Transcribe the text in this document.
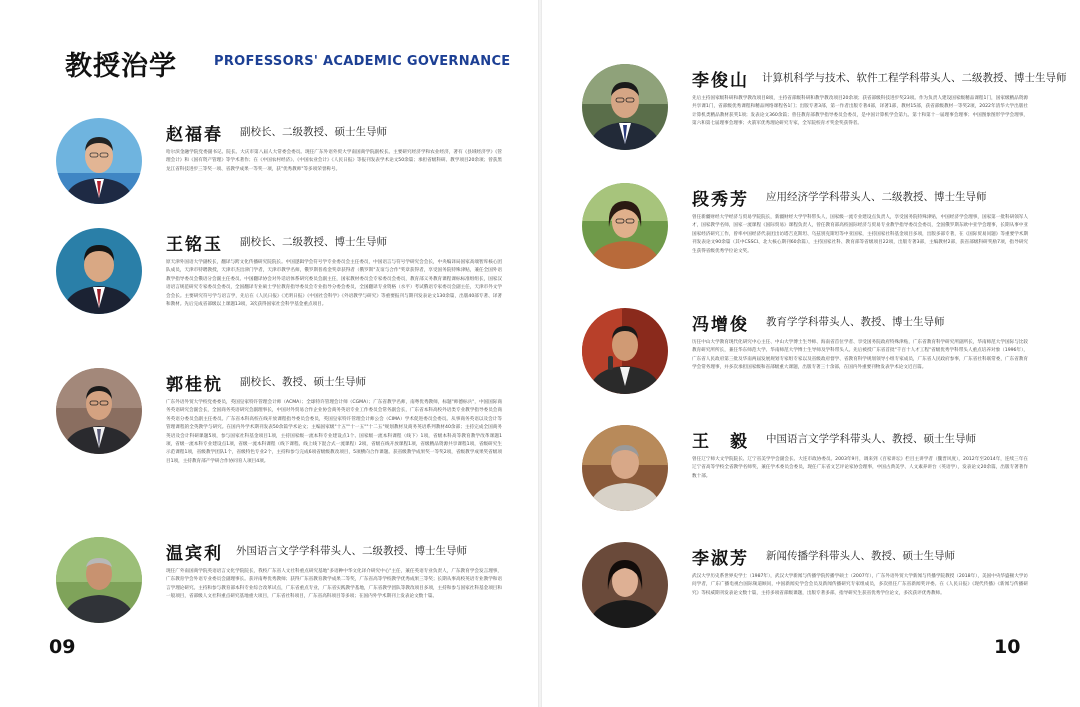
教授治学	PROFESSORS' ACADEMIC GOVERNANCE
赵福春 副校长、二级教授、硕士生导师
哈尔滨金融学院党委副书记、院长。大庆市第八届人大常委会委员。现任广东外语外贸大学南国商学院副校长。主要研究经济学和农业经济，著有《县域经济学》《管理会计》和《国有资产管理》等学术著作；在《中国农村经济》、《中国农业会计》《人民日报》等报刊发表学术论文50余篇；承担省级科研、教学项目20余项；曾获黑龙江省科技进步三等奖一项、省教学成果一等奖一项，获"优秀教师"等多项荣誉称号。
王铭玉 副校长、二级教授、博士生导师
原天津外国语大学副校长，翻译与跨文化传播研究院院长。中国逻辑学会符号学专业委员会主任委员，中国语言与符号学研究会会长，中央编译局国家高端智库核心团队成员，天津市特聘教授，天津市杰出津门学者，天津市教学名师，俄罗斯普希金奖章获得者（俄罗斯"友谊与合作"奖章获得者，享受国务院特殊津贴，兼任全国外语教学指导委员会俄语分会副主任委员、中国翻译协会对外话语体系研究委员会副主任，国家教材委员会专家委员会委员，教育部义务教育课程课标标准组组长，国家汉语语言规范研究专家委员会委员，全国翻译专业硕士学位教育指导委员会专业指导分委会委员，全国翻译专业资格（水平）考试俄语专家委员会副主任，天津市外文学会会长。主要研究符号学与语言学，先后在《人民日报》《光明日报》《中国社会科学》《外语教学与研究》等重要报刊与期刊发表论文130余篇，出版40部专著、译著和教材。先后完成省部级以上课题13项，3次获得国家社会科学基金重点项目。
郭桂杭 副校长、教授、硕士生导师
广东外语外贸大学校党委委员，英国皇家特许管理会计师（ACMA）；全球特许管理会计师（CGMA）；广东省教学名师，南粤优秀教师，标题"师德标兵"，中国国际商务英语研究会副会长，全国商务英语研究会副理事长，中国对外贸易合作企业协会商务英语专业工作委员会常务副会长，广东省本科高校外语类专业教学指导委员会商务英语分委员会副主任委员。广东省本科高校在线开放课程指导委员会委员，英国皇家特许管理会计师公会（CIMA）学术促进委员会委员。从事商务英语以及会计等管理课程的全英教学与研究。在国内外学术期刊发表50余篇学术论文；主编国家级"十五""十一五""十二五"规划教材及商务英语系列教材40余部；主持完成全国商务英语及会计科研课题5项，参与国家社科基金项目1项，主持国家级一流本科专业建设点1个、国家级一流本科课程（线下）1项，省级本科高等教育教学改革课题1项，省级一流本科专业建设点1项，省级一流本科课程（线下课程、线上线下混合式一流课程）2项，省级在线开放课程1项，省级精品资源共享课程1项，省级研究生示范课程1项，省级教学团队1个，省级特色专业2个，主持和参与完成6项省级级教改项目，5项横向合作课题。获省级教学成果奖一等奖2项，省级教学成果奖省级项目1项，主持教育部产学研合作协同育人项目4项。
温宾利 外国语言文学学科带头人、二级教授、博士生导师
现任广外南国商学院英语语言文化学院院长，我校广东省人文社科重点研究基地"多语种中华文化译介研究中心"主任，兼任英语专业负责人，广东教育学会发言理事，广东教育学会外语专业委员会副理事长。获评南粤优秀教师；获得广东省教育教学成果二等奖，广东省高等学校教学优秀成果三等奖；长期从事高校英语专业教学和语言学理论研究。主持和参与教育部本科专业综合改革试点，广东省重点专业，广东省实践教学基地，广东省教学团队等教改项目多项，主持和参与国家社科基金项目和一般项目，省部级人文社科重点研究基地重大项目，广东省社科项目，广东省高科项目等多项；在国内外学术期刊上发表论文数十篇。
09
李俊山 计算机科学与技术、软件工程学科带头人、二级教授、博士生导师
先后主持国家级科研和教学教改项目8项，主持省部级科研和教学教改项目20余项；获省部级科技进步奖23项。作为负责人建设国家级精品课程1门，国家级精品资源共享课1门，省部级优秀课程和精品网络课程各1门；出版专著3部，第一作者出版专著4部，译著1部，教材15部，获省部级教材一等奖2项，2022年清华大学出版社计算机类精品教材获奖1项；发表论文360余篇；曾任教育部教学指导委员会委员，是中国计算机学会第九、第十和第十一届理事会理事；中国图象图形学学会理事，第六和第七届理事会理事；火箭军优秀理论研究专家，全军院校育才奖金奖获得者。
段秀芳 应用经济学学科带头人、二级教授、博士生导师
曾任新疆财经大学经济与贸易学院院长，新疆财经大学学科带头人，国家级一流专业建设点负责人，享受国务院特殊津贴，中国经济学会理事，国家第一批科研领军人才，国家教学名师，国家一流课程《国际贸易》课程负责人，曾任教育部高校国际经济与贸易专业教学指导委员会委员，全国俄罗斯东欧中亚学会理事，长期从事中亚国家经济研究工作，曾率中国经济代表团出访塔吉克斯坦、乌兹别克斯坦等中亚国家，主持国家社科基金项目多项，出版多部专著，在《国际贸易问题》等重要学术期刊发表论文90余篇（其中CSSCI、北大核心期刊60余篇），主持国家社科、教育部等省级项目22项，出版专著3部，主编教材2部，获省部级科研奖励7项，指导研究生获得省级优秀学位论文奖。
冯增俊 教育学学科带头人、教授、博士生导师
历任中山大学教育现代化研究中心主任、中山大学博士生导师、海南省首位学者、享受国务院政府特殊津贴，广东省教育科学研究所副所长，华南师范大学国际与比较教育研究所所长，兼任华东师范大学、华南师范大学博士生导师及学科带头人。先后被授广东省首批"千百十人才工程"省级优秀学科带头人重点培养对象（1996年），广东省人民政府第三批及华南两届发展规划专家组专家以及省级政府督学、省教育科学规划领导小组专家成员，广东省人民政府参事，广东省社科联常委，广东省教育学会常务理事，并多次承担国家级和省部级重大课题，出版专著三十余部，在国内外重要刊物发表学术论文近百篇。
王　毅 中国语言文学学科带头人、教授、硕士生导师
曾任辽宁师大文学院院长、辽宁省美学学会副会长、大连市政协委员。2003年9月，调来到《百家讲坛》栏目主讲学者（魏晋风度），2012年至2014年，连续三年在辽宁省高等学校全省教学名师奖，兼任学术委员会委员，现任广东省文艺评论家协会理事，中国古典美学、人文素养讲台（英语学），发表论文20余篇，出版专著著作数十部。
李淑芳 新闻传播学科带头人、教授、硕士生导师
武汉大学历史系世界史学士（1987年），武汉大学新闻与传播学院传播学硕士（2007年），广东外语外贸大学新闻与传播学院教授（2018年），美国中央华盛顿大学访问学者，广东广播电视台国际频道顾问，中国新闻史学会会员及新闻传播研究专家组成员，多次担任广东省新闻奖评委。在《人民日报》《现代传播》《新闻与传播研究》等权威期刊发表论文数十篇，主持多项省部级课题，出版专著多部，指导研究生获省优秀学位论文，多次获评优秀教师。
10
